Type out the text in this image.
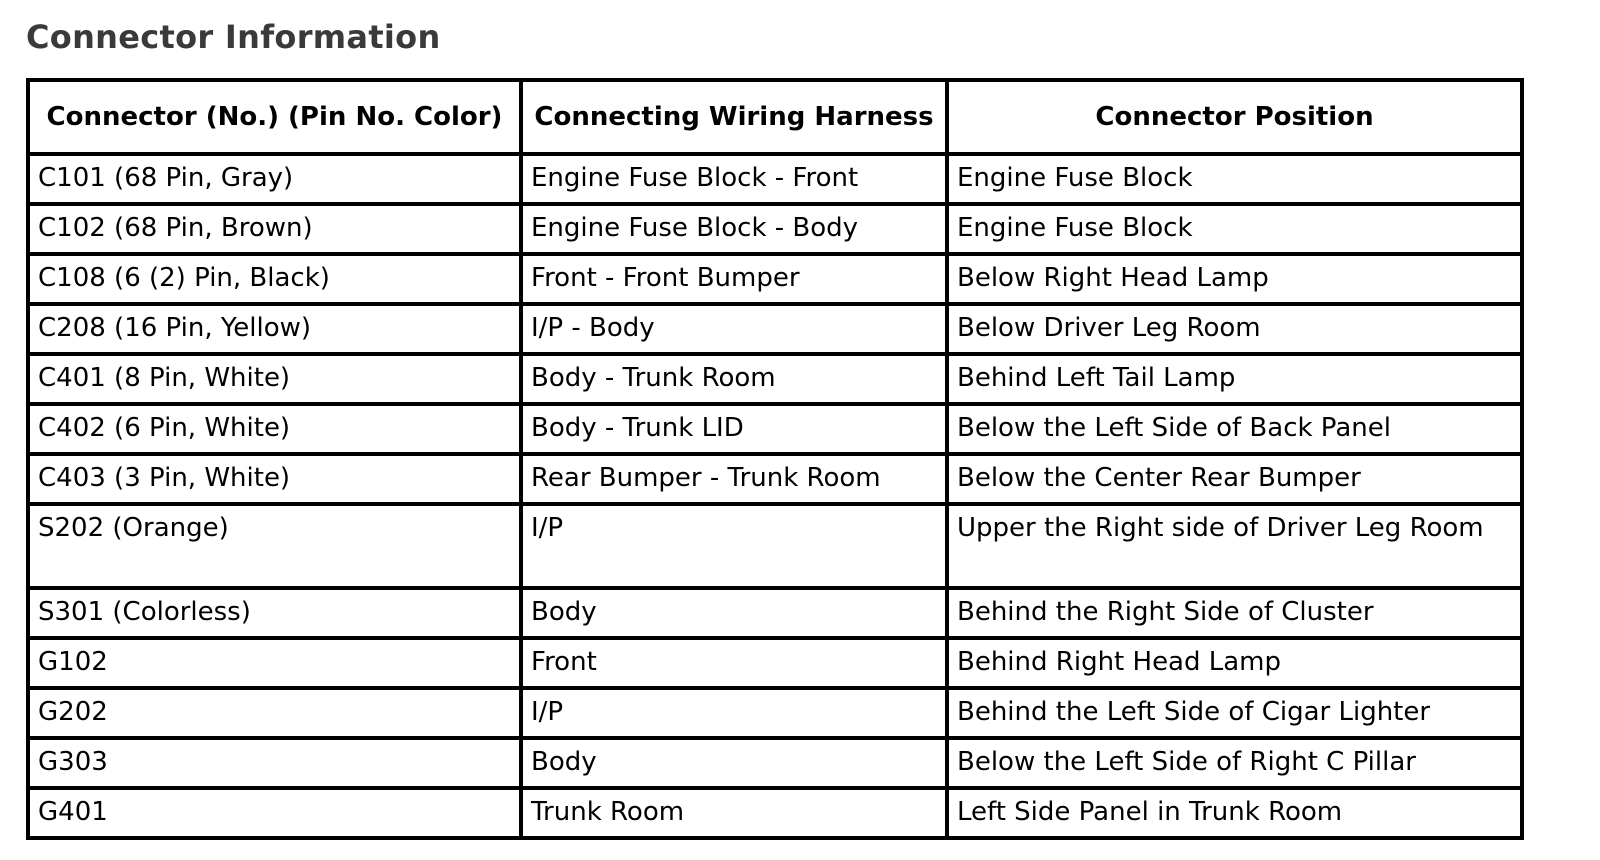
Connector Information
Connector (No.) (Pin No. Color)	Connecting Wiring Harness	Connector Position
C101 (68 Pin, Gray)	Engine Fuse Block - Front	Engine Fuse Block
C102 (68 Pin, Brown)	Engine Fuse Block - Body	Engine Fuse Block
C108 (6 (2) Pin, Black)	Front - Front Bumper	Below Right Head Lamp
C208 (16 Pin, Yellow)	I/P - Body	Below Driver Leg Room
C401 (8 Pin, White)	Body - Trunk Room	Behind Left Tail Lamp
C402 (6 Pin, White)	Body - Trunk LID	Below the Left Side of Back Panel
C403 (3 Pin, White)	Rear Bumper - Trunk Room	Below the Center Rear Bumper
S202 (Orange)	I/P	Upper the Right side of Driver Leg Room
S301 (Colorless)	Body	Behind the Right Side of Cluster
G102	Front	Behind Right Head Lamp
G202	I/P	Behind the Left Side of Cigar Lighter
G303	Body	Below the Left Side of Right C Pillar
G401	Trunk Room	Left Side Panel in Trunk Room
